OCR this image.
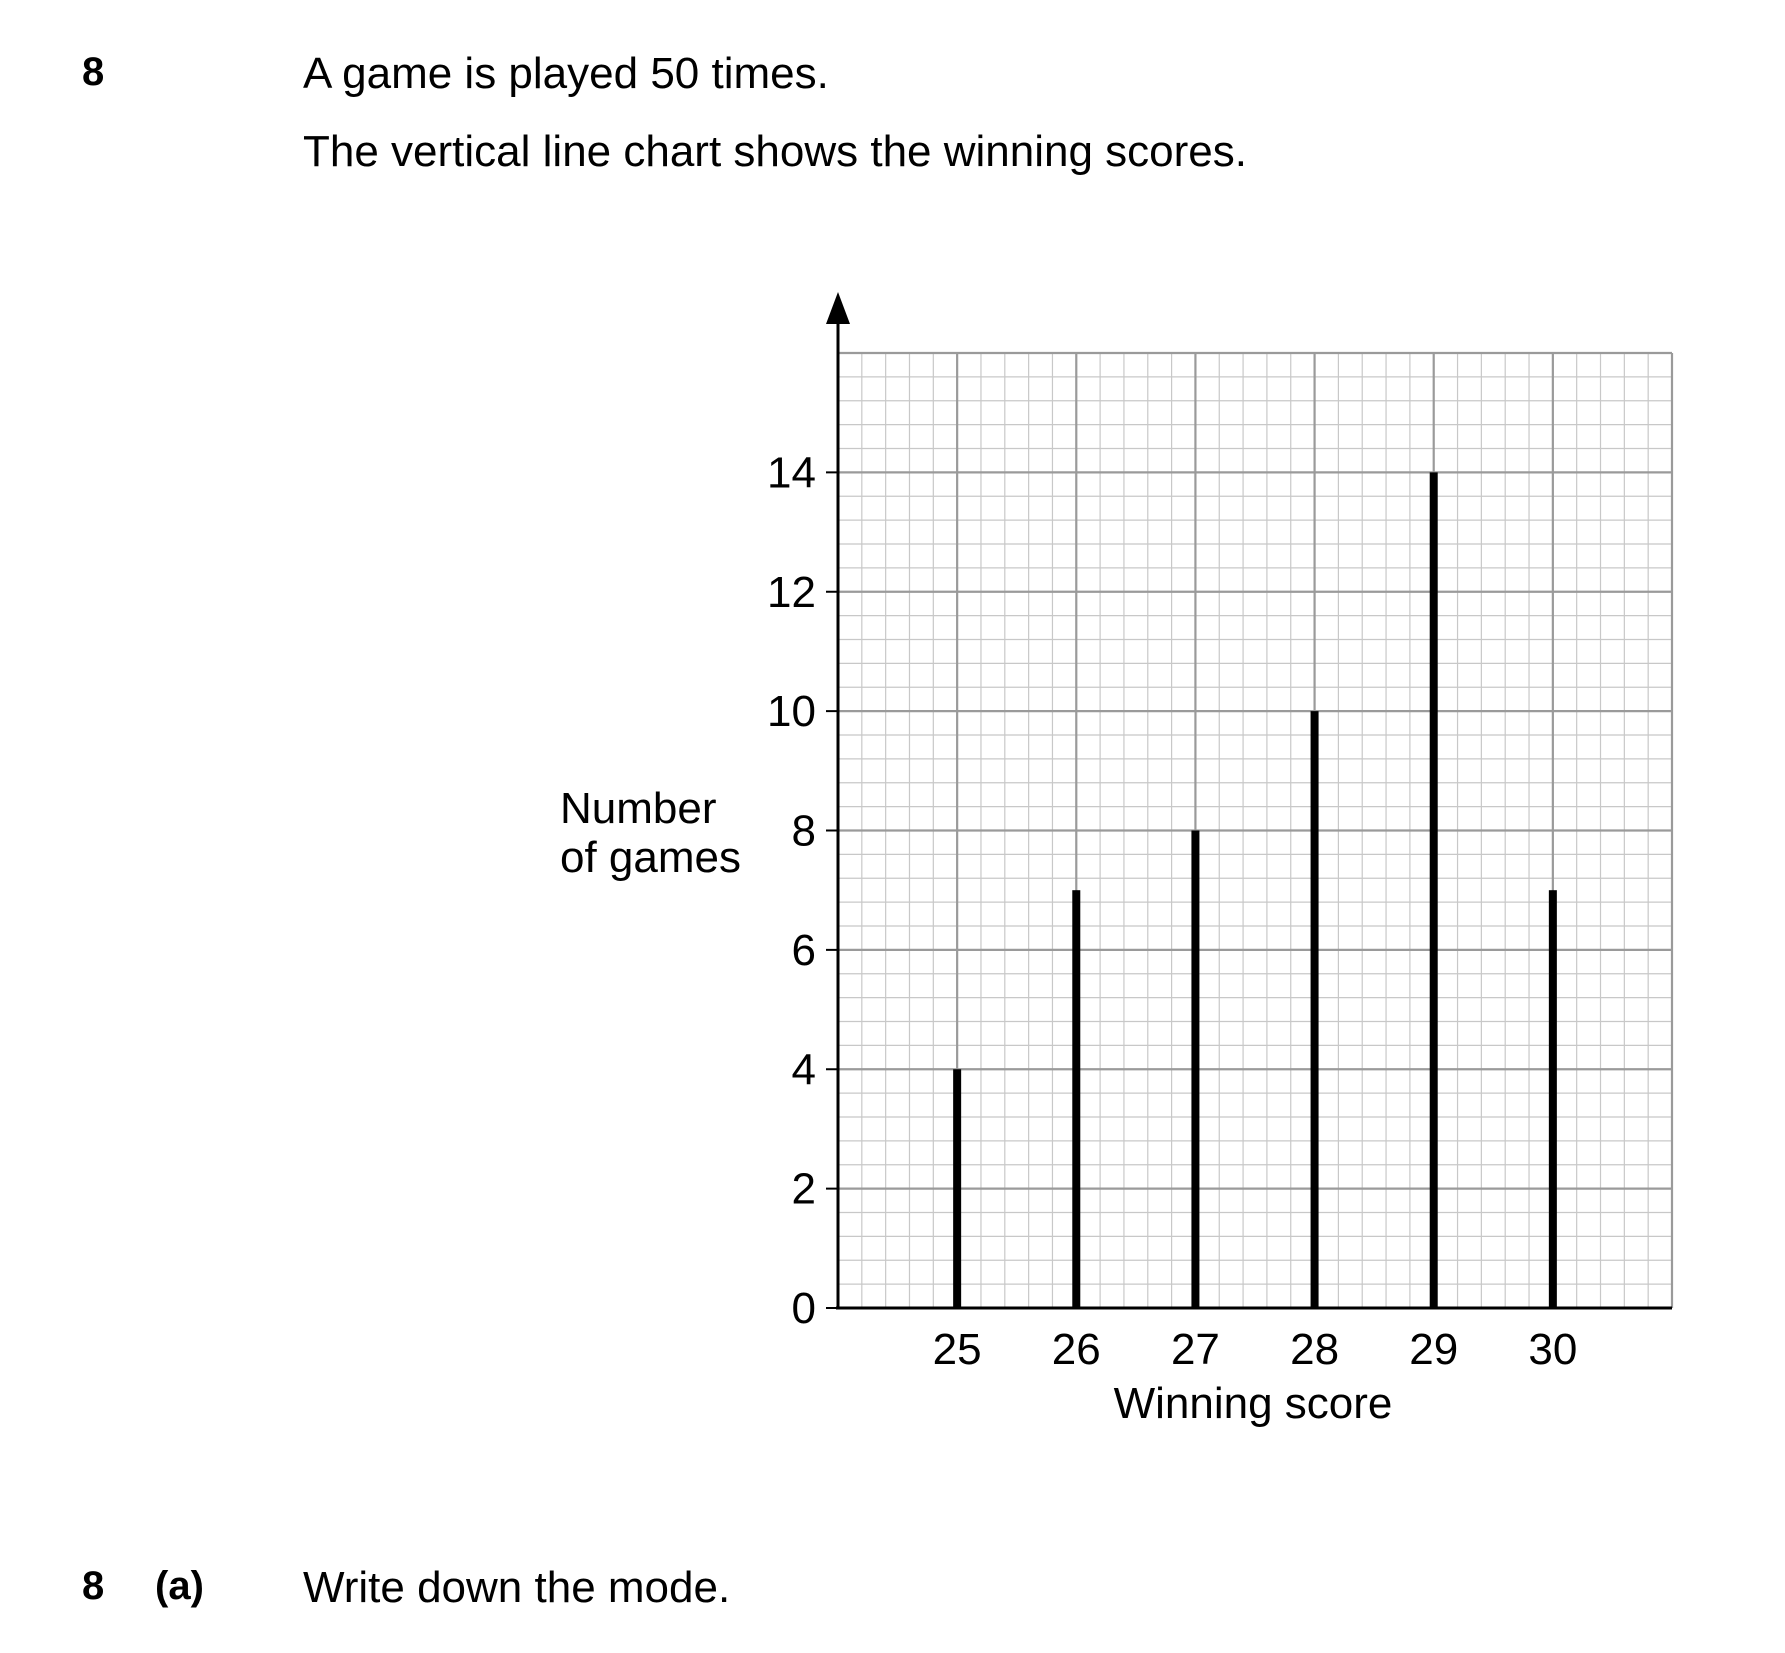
8	A game is played 50 times.
The vertical line chart shows the winning scores.
0
2
4
6
8
10
12
14
25 26 27 28 29 30
Winning score
Number
of games
8 (a) Write down the mode.
